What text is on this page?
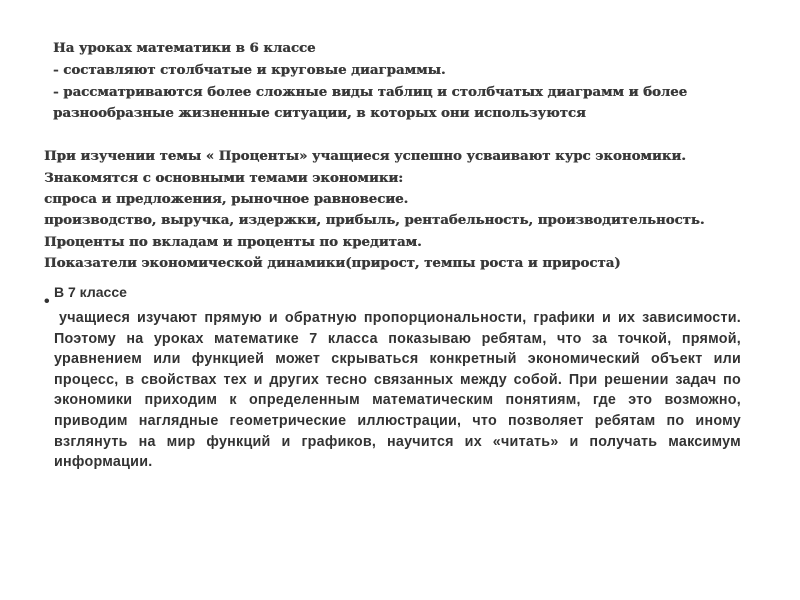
На уроках математики в 6 классе
- составляют столбчатые и круговые диаграммы.
- рассматриваются более сложные виды таблиц и столбчатых диаграмм и более
разнообразные жизненные ситуации, в которых они используются
При изучении темы « Проценты» учащиеся успешно усваивают курс экономики.
Знакомятся с основными темами экономики:
спроса и предложения, рыночное равновесие.
производство, выручка, издержки, прибыль, рентабельность, производительность.
Проценты по вкладам и проценты по кредитам.
Показатели экономической динамики(прирост, темпы роста и прироста)
•
В 7 классе
учащиеся изучают прямую и обратную пропорциональности, графики и их зависимости. Поэтому на уроках математике 7 класса показываю ребятам, что за точкой, прямой, уравнением или функцией может скрываться конкретный экономический объект или процесс, в свойствах тех и других тесно связанных между собой. При решении задач по экономики приходим к определенным математическим понятиям, где это возможно, приводим наглядные геометрические иллюстрации, что позволяет ребятам по иному взглянуть на мир функций и графиков, научится их «читать» и получать максимум информации.
